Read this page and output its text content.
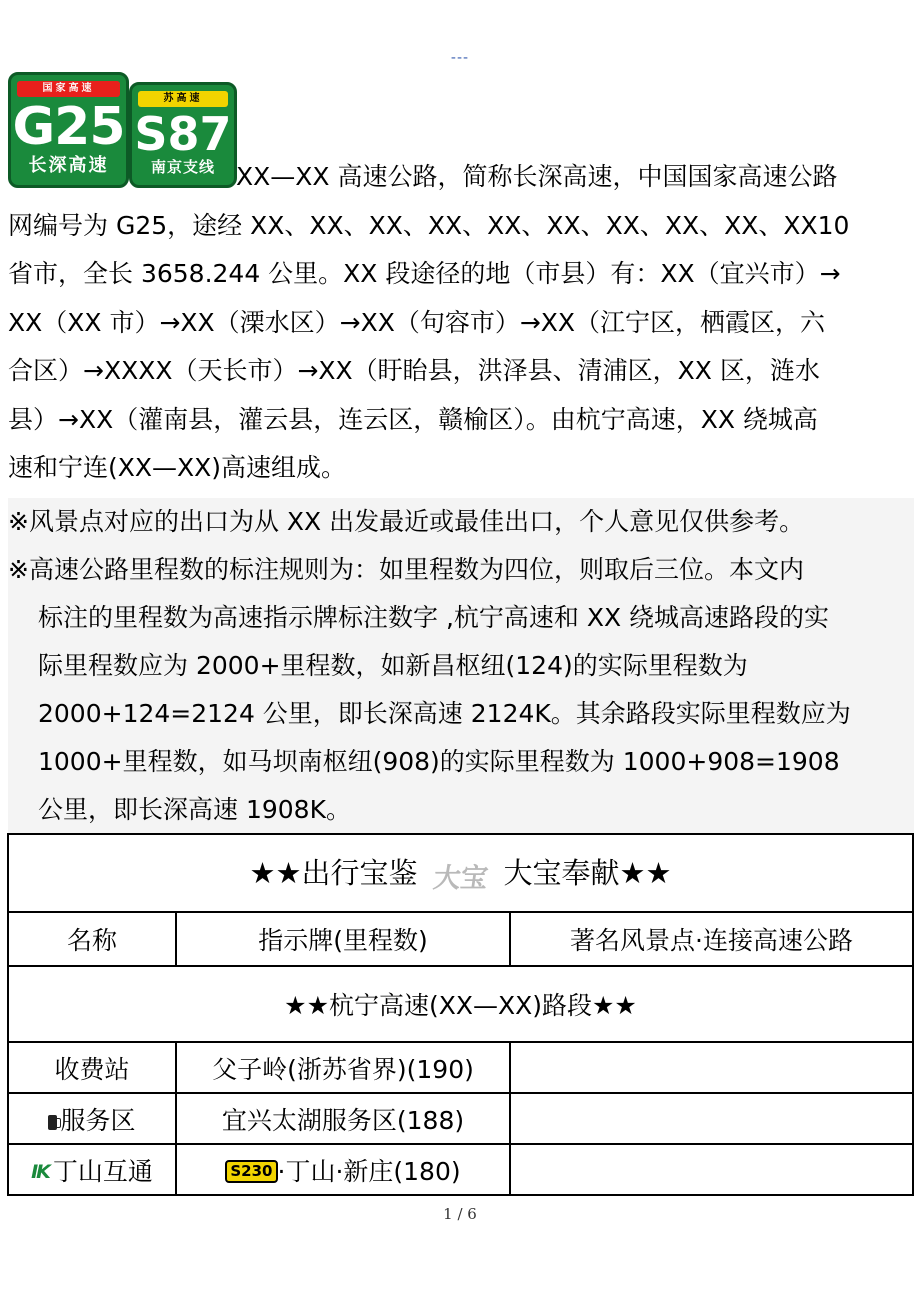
---
国家高速
G25
长深高速
苏高速
S87
南京支线 XX—XX 高速公路，简称长深高速，中国国家高速公路
网编号为 G25，途经 XX、XX、XX、XX、XX、XX、XX、XX、XX、XX10
省市，全长 3658.244 公里。XX 段途径的地（市县）有：XX（宜兴市）→
XX（XX 市）→XX（溧水区）→XX（句容市）→XX（江宁区，栖霞区，六
合区）→XXXX（天长市）→XX（盱眙县，洪泽县、清浦区，XX 区，涟水
县）→XX（灌南县，灌云县，连云区，赣榆区）。由杭宁高速，XX 绕城高
速和宁连(XX—XX)高速组成。
※风景点对应的出口为从 XX 出发最近或最佳出口，个人意见仅供参考。
※高速公路里程数的标注规则为：如里程数为四位，则取后三位。本文内
标注的里程数为高速指示牌标注数字 ,杭宁高速和 XX 绕城高速路段的实
际里程数应为 2000+里程数，如新昌枢纽(124)的实际里程数为
2000+124=2124 公里，即长深高速 2124K。其余路段实际里程数应为
1000+里程数，如马坝南枢纽(908)的实际里程数为 1000+908=1908
公里，即长深高速 1908K。
★★出行宝鉴 大宝 大宝奉献★★		
名称	指示牌(里程数)	著名风景点·连接高速公路
★★杭宁高速(XX—XX)路段★★		
收费站	父子岭(浙苏省界)(190)	
服务区	宜兴太湖服务区(188)	
IK 丁山互通	S230 ·丁山·新庄(180)	
1 / 6
